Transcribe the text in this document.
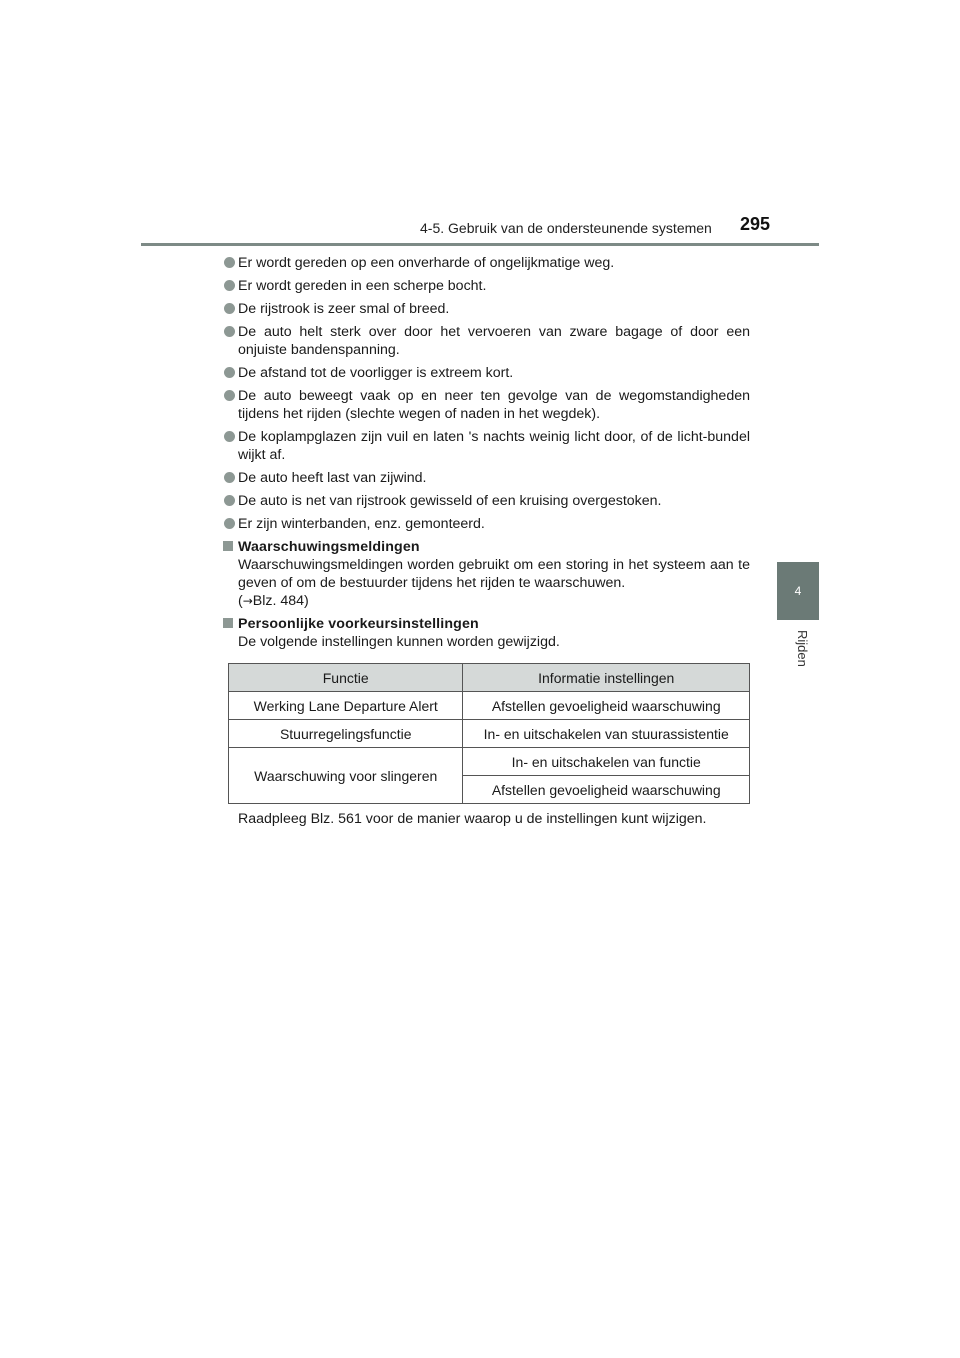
4-5. Gebruik van de ondersteunende systemen 295
4
Rijden
Er wordt gereden op een onverharde of ongelijkmatige weg.
Er wordt gereden in een scherpe bocht.
De rijstrook is zeer smal of breed.
De auto helt sterk over door het vervoeren van zware bagage of door een onjuiste bandenspanning.
De afstand tot de voorligger is extreem kort.
De auto beweegt vaak op en neer ten gevolge van de wegomstandigheden tijdens het rijden (slechte wegen of naden in het wegdek).
De koplampglazen zijn vuil en laten 's nachts weinig licht door, of de licht-bundel wijkt af.
De auto heeft last van zijwind.
De auto is net van rijstrook gewisseld of een kruising overgestoken.
Er zijn winterbanden, enz. gemonteerd.
Waarschuwingsmeldingen
Waarschuwingsmeldingen worden gebruikt om een storing in het systeem aan te geven of om de bestuurder tijdens het rijden te waarschuwen.
(→Blz. 484)
Persoonlijke voorkeursinstellingen
De volgende instellingen kunnen worden gewijzigd.
Functie	Informatie instellingen
Werking Lane Departure Alert	Afstellen gevoeligheid waarschuwing
Stuurregelingsfunctie	In- en uitschakelen van stuurassistentie
Waarschuwing voor slingeren	In- en uitschakelen van functie
	Afstellen gevoeligheid waarschuwing
Raadpleeg Blz. 561 voor de manier waarop u de instellingen kunt wijzigen.
